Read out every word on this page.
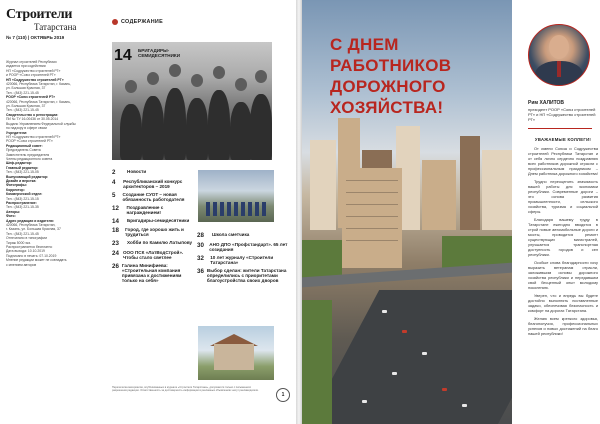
Строители
Татарстана
№ 7 (110) | ОКТЯБРЬ 2019
Журнал строителей Республики
издается при содействии
НП «Содружество строителей РТ»
и РООР «Союз строителей РТ»
НП «Содружество строителей РТ»
420066, Республика Татарстан, г. Казань,
ул. Большая Красная, 37
Тел.: (843) 221-15-45
РООР «Союз строителей РТ»
420066, Республика Татарстан, г. Казань,
ул. Большая Красная, 37
Тел.: (843) 221-15-45
Свидетельство о регистрации:
ПИ № ТУ 16-00436 от 30.05.2014
Выдано Управлением Федеральной службы
по надзору в сфере связи
Учредители:
НП «Содружество строителей РТ»
РООР «Союз строителей РТ»
Редакционный совет:
Председатель Совета
Заместитель председателя
Члены редакционного совета
Шеф-редактор:
Главный редактор:
Тел.: (843) 221-15-05
Выпускающий редактор:
Дизайн и верстка:
Фотографы:
Корректор:
Коммерческий отдел:
Тел.: (843) 221-15-15
Распространение:
Тел.: (843) 221-15-35
Авторы:
Фото:
Адрес редакции и издателя:
420066, Республика Татарстан,
г. Казань, ул. Большая Красная, 37
Тел.: (843) 221-15-45
Отпечатано в типографии
Тираж 5000 экз.
Распространяется бесплатно
Дата выхода: 10.10.2019
Подписано в печать: 07.10.2019
Мнение редакции может не совпадать
с мнением авторов
СОДЕРЖАНИЕ
14 БРИГАДИРЫ-СЕМИДЕСЯТНИКИ
2	Новости
4	Республиканский конкурс архитекторов – 2019
5	Создание СУОТ – новая обязанность работодателя
12	Поздравление с награждением!
14	Бригадиры-семидесятники
18	Город, где хорошо жить и трудиться
23	Хобби по Камилю Латыпову
24 ООО ПСК «ЛатВодСтрой». Чтобы стало светлее
26 Галина Минифиева: «Строительная компания привязана к достижениям только на себя»
28	Школа сметчика
30	АНО ДПО «Профстандарт». 65 лет созидания
32	10 лет журналу «Строители Татарстана»
36 Выбор сделан: жители Татарстана определились с приоритетами благоустройства своих дворов
Перепечатка материалов, опубликованных в журнале «Строители Татарстана», допускается только с письменного разрешения редакции. Ответственность за достоверность информации в рекламных объявлениях несут рекламодатели.
1
С ДНЕМ
РАБОТНИКОВ
ДОРОЖНОГО
ХОЗЯЙСТВА!	Рим ХАЛИТОВ
президент РООР «Союз строителей РТ» и НП «Содружество строителей РТ»
УВАЖАЕМЫЕ КОЛЛЕГИ!

От имени Союза и Содружества строителей Республики Татарстан и от себя лично сердечно поздравляю всех работников дорожной отрасли с профессиональным праздником – Днем работника дорожного хозяйства!

Трудно переоценить значимость вашей работы для экономики республики. Современные дороги – это основа развития промышленности, сельского хозяйства, туризма и социальной сферы.

Благодаря вашему труду в Татарстане ежегодно вводятся в строй новые автомобильные дороги и мосты, проводится ремонт существующих магистралей, улучшается транспортная доступность городов и сел республики.

Особые слова благодарности хочу выразить ветеранам отрасли, заложившим основы дорожного хозяйства республики и передавшим свой бесценный опыт молодому поколению.

Уверен, что и впредь вы будете достойно выполнять поставленные задачи, обеспечивая безопасность и комфорт на дорогах Татарстана.

Желаю всем крепкого здоровья, благополучия, профессиональных успехов и новых достижений на благо нашей республики!
